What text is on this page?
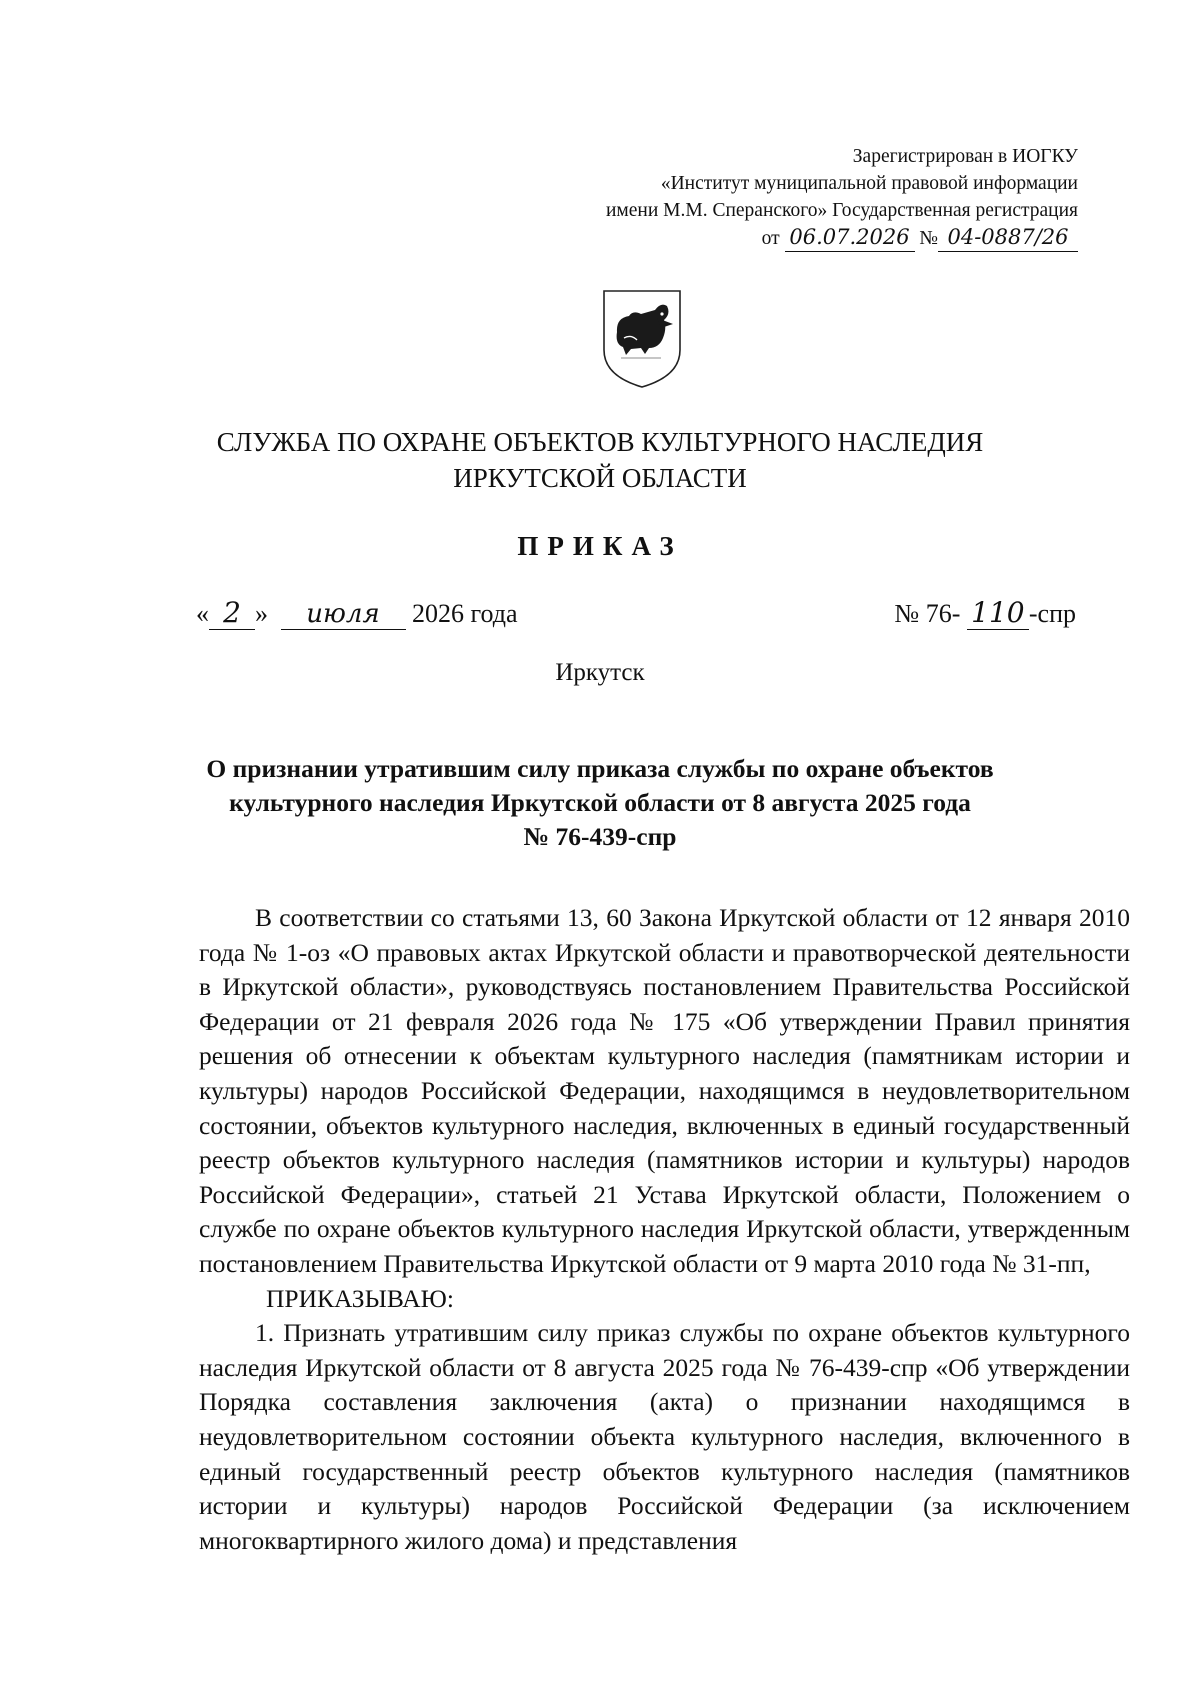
Зарегистрирован в ИОГКУ
«Институт муниципальной правовой информации
имени М.М. Сперанского» Государственная регистрация
от 06.07.2026 № 04-0887/26
СЛУЖБА ПО ОХРАНЕ ОБЪЕКТОВ КУЛЬТУРНОГО НАСЛЕДИЯ
ИРКУТСКОЙ ОБЛАСТИ
ПРИКАЗ
« 2 » июля 2026 года	№ 76- 110 -спр
Иркутск
О признании утратившим силу приказа службы по охране объектов
культурного наследия Иркутской области от 8 августа 2025 года
№ 76-439-спр

В соответствии со статьями 13, 60 Закона Иркутской области от 12 января 2010 года № 1-оз «О правовых актах Иркутской области и правотворческой деятельности в Иркутской области», руководствуясь постановлением Правительства Российской Федерации от 21 февраля 2026 года № 175 «Об утверждении Правил принятия решения об отнесении к объектам культурного наследия (памятникам истории и культуры) народов Российской Федерации, находящимся в неудовлетворительном состоянии, объектов культурного наследия, включенных в единый государственный реестр объектов культурного наследия (памятников истории и культуры) народов Российской Федерации», статьей 21 Устава Иркутской области, Положением о службе по охране объектов культурного наследия Иркутской области, утвержденным постановлением Правительства Иркутской области от 9 марта 2010 года № 31-пп,

ПРИКАЗЫВАЮ:

1. Признать утратившим силу приказ службы по охране объектов культурного наследия Иркутской области от 8 августа 2025 года № 76-439-спр «Об утверждении Порядка составления заключения (акта) о признании находящимся в неудовлетворительном состоянии объекта культурного наследия, включенного в единый государственный реестр объектов культурного наследия (памятников истории и культуры) народов Российской Федерации (за исключением многоквартирного жилого дома) и представления
